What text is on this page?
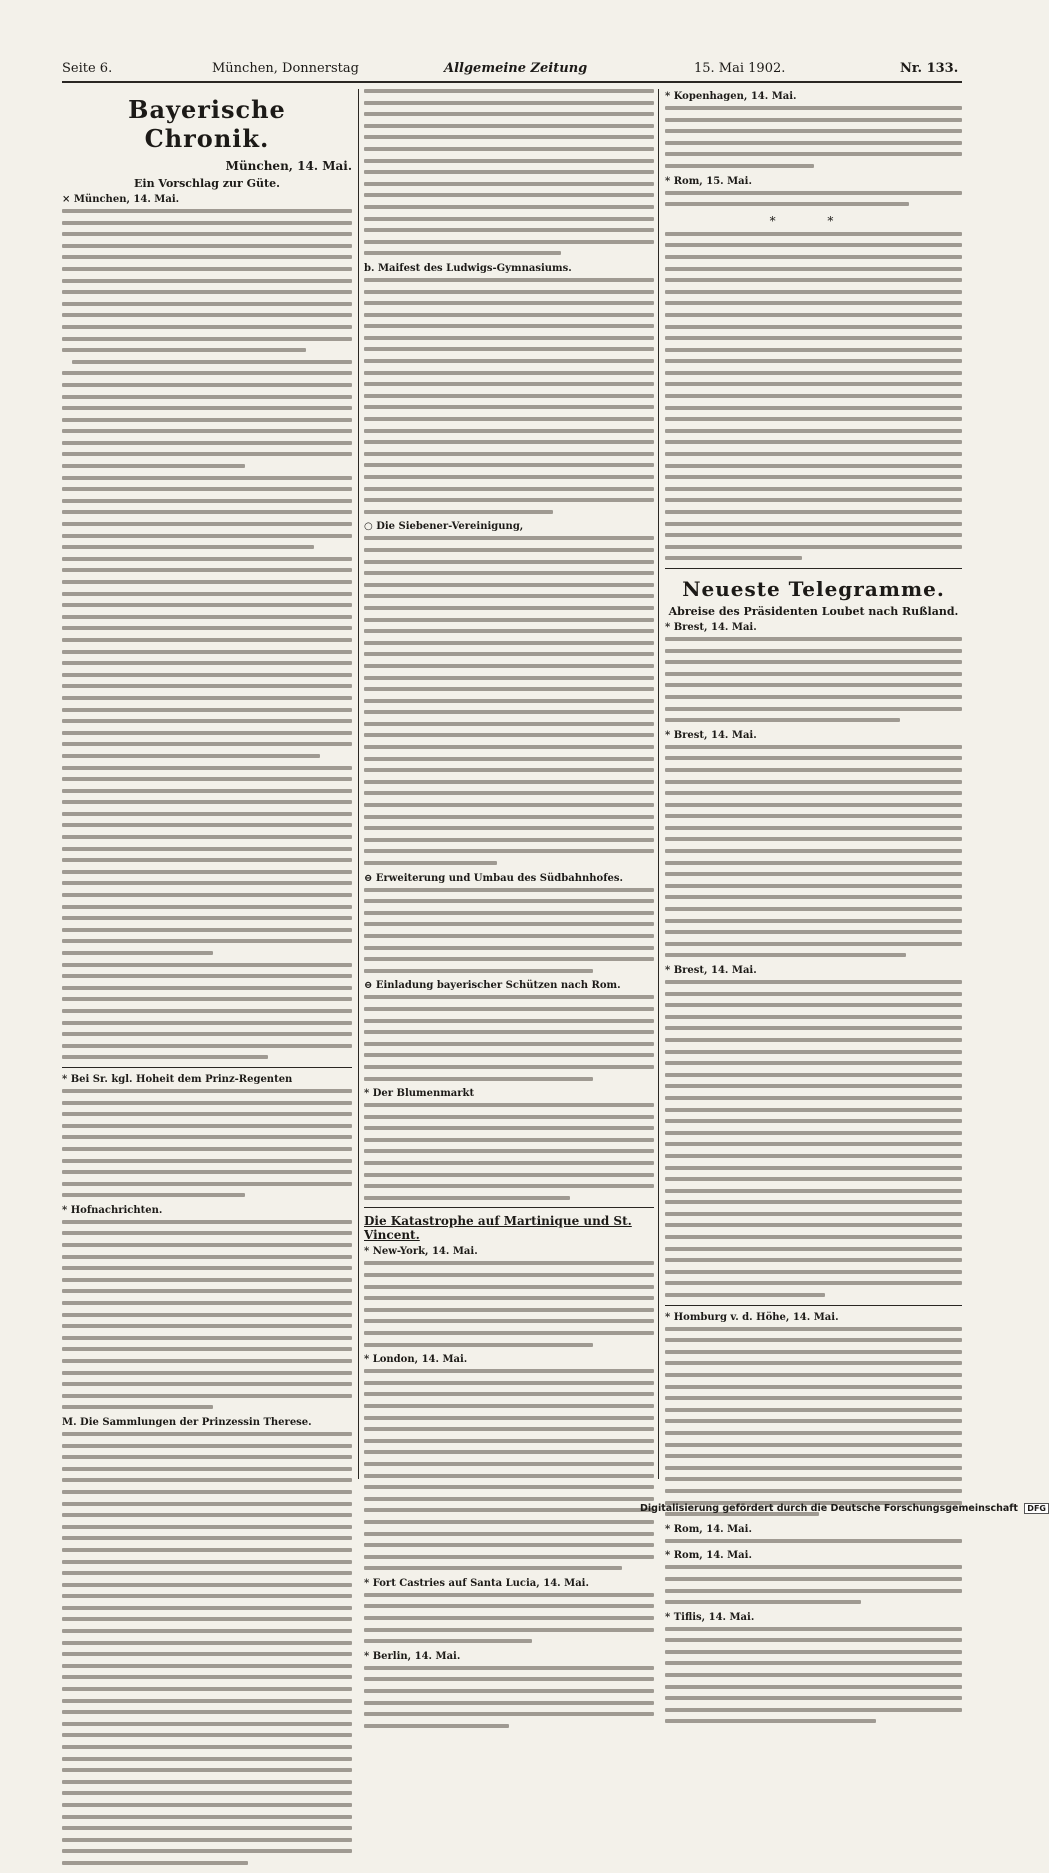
Seite 6.	München, Donnerstag	Allgemeine Zeitung	15. Mai 1902.	Nr. 133.
Bayerische Chronik.
München, 14. Mai.
Ein Vorschlag zur Güte.
× München, 14. Mai.
* Bei Sr. kgl. Hoheit dem Prinz-Regenten
* Hofnachrichten.
M. Die Sammlungen der Prinzessin Therese.
b. Maifest des Ludwigs-Gymnasiums.
○ Die Siebener-Vereinigung,
⊖ Erweiterung und Umbau des Südbahnhofes.
⊖ Einladung bayerischer Schützen nach Rom.
* Der Blumenmarkt
Die Katastrophe auf Martinique und St. Vincent.
* New-York, 14. Mai.
* London, 14. Mai.
* Fort Castries auf Santa Lucia, 14. Mai.
* Berlin, 14. Mai.
* Kopenhagen, 14. Mai.
* Rom, 15. Mai.
* *
Neueste Telegramme.
Abreise des Präsidenten Loubet nach Rußland.
* Brest, 14. Mai.
* Brest, 14. Mai.
* Brest, 14. Mai.
* Homburg v. d. Höhe, 14. Mai.
* Rom, 14. Mai.
* Rom, 14. Mai.
* Tiflis, 14. Mai.
Digitalisierung gefördert durch die Deutsche Forschungsgemeinschaft DFG
